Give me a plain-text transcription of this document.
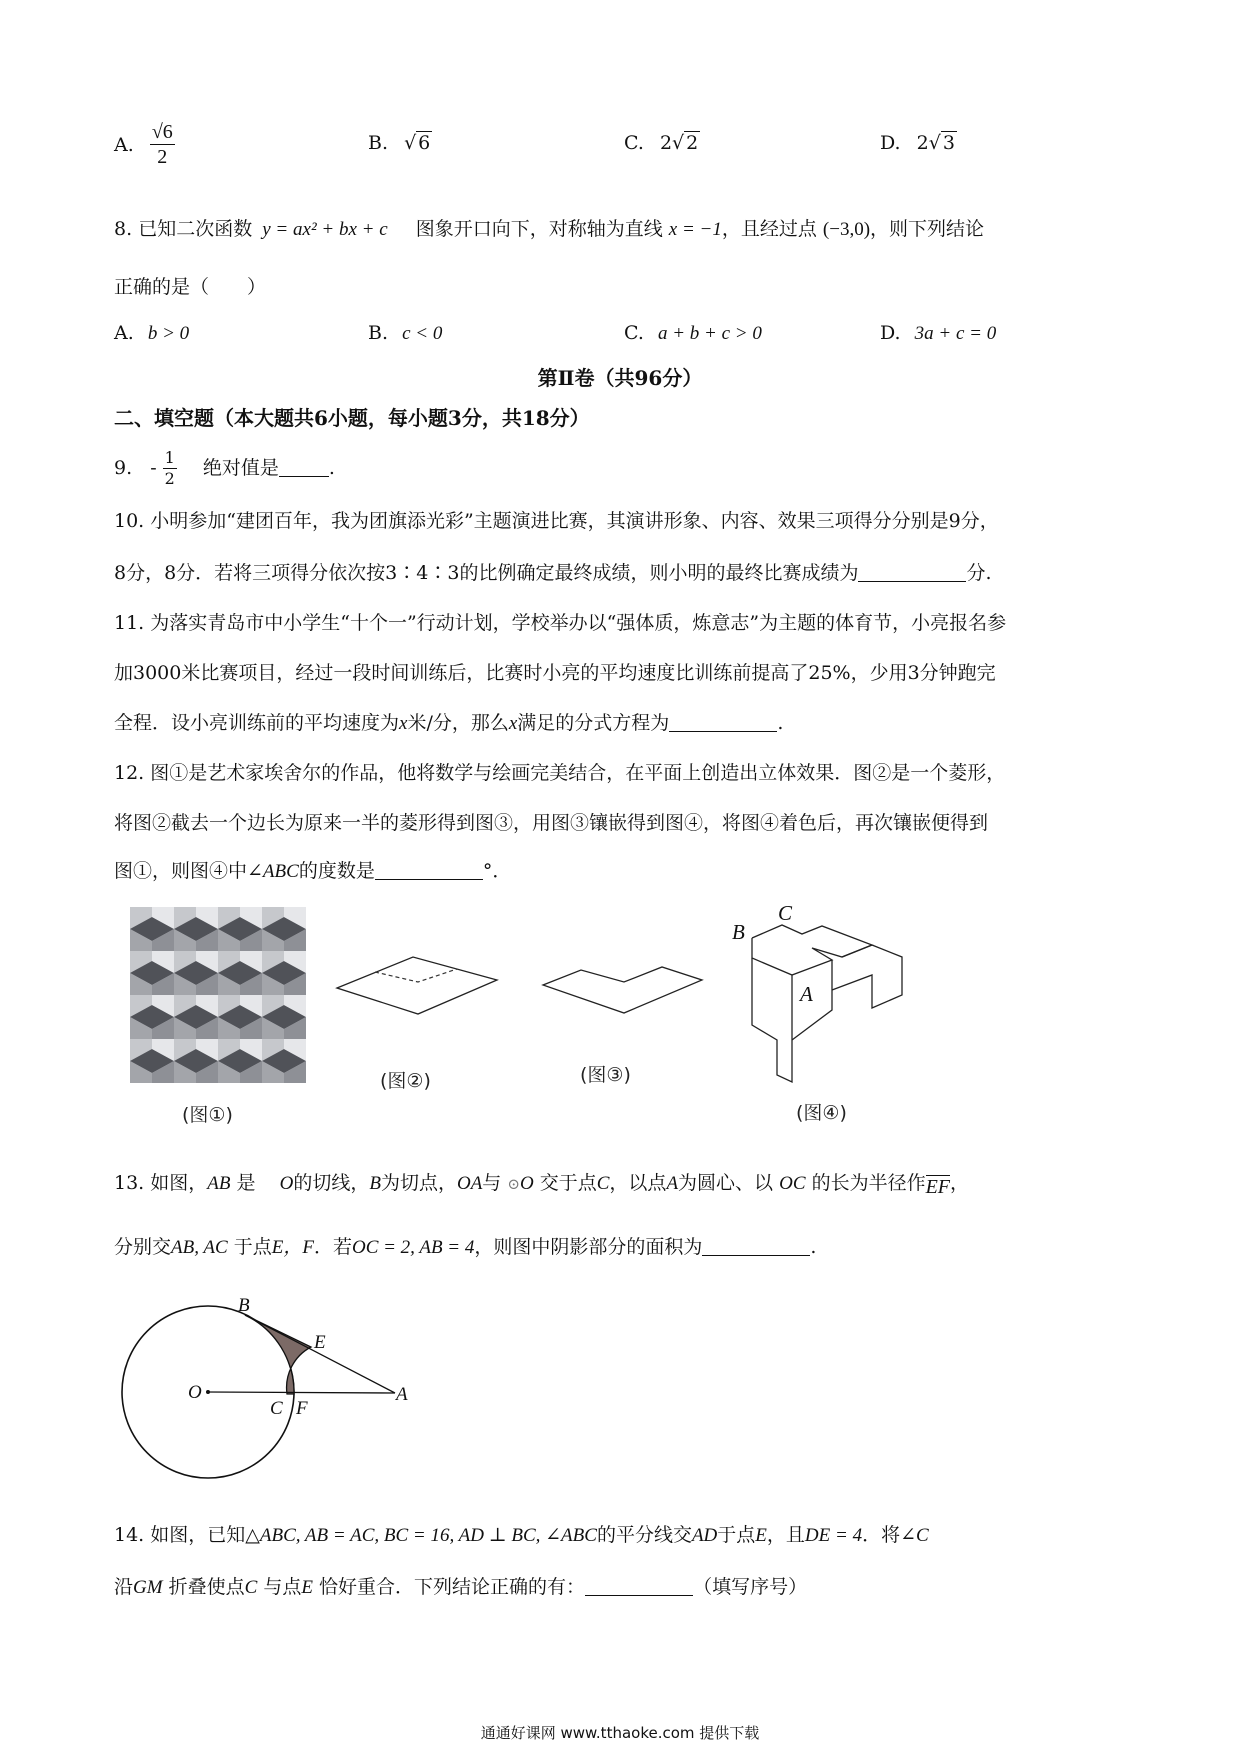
A. $\frac{√6}{2}$	B. √ 6	C. 2√ 2	D. 2√ 3
8. 已知二次函数 y = ax² + bx + c 图象开口向下，对称轴为直线 x = −1，且经过点 (−3,0)，则下列结论
正确的是（　　）
A. b > 0	B. c < 0	C. a + b + c > 0	D. 3a + c = 0
第Ⅱ卷（共96分）
二、填空题（本大题共6小题，每小题3分，共18分）
9. - $\frac{1}{2}$ 绝对值是	.
10. 小明参加“建团百年，我为团旗添光彩”主题演进比赛，其演讲形象、内容、效果三项得分分别是9分，
8分，8分．若将三项得分依次按3∶4∶3的比例确定最终成绩，则小明的最终比赛成绩为	分.
11. 为落实青岛市中小学生“十个一”行动计划，学校举办以“强体质，炼意志”为主题的体育节，小亮报名参
加3000米比赛项目，经过一段时间训练后，比赛时小亮的平均速度比训练前提高了25%，少用3分钟跑完
全程．设小亮训练前的平均速度为x米/分，那么x满足的分式方程为	.
12. 图①是艺术家埃舍尔的作品，他将数学与绘画完美结合，在平面上创造出立体效果．图②是一个菱形，
将图②截去一个边长为原来一半的菱形得到图③，用图③镶嵌得到图④，将图④着色后，再次镶嵌便得到
图①，则图④中∠ABC的度数是	°．
(图①)
(图②)	(图③)
B
C
A
(图④)
13. 如图，AB 是 O的切线，B为切点，OA与 ⊙O 交于点C，以点A为圆心、以 OC 的长为半径作EF，
分别交AB, AC 于点E，F．若OC = 2, AB = 4，则图中阴影部分的面积为	.
B
E
O
C F
A
14. 如图，已知△ABC, AB = AC, BC = 16, AD ⊥ BC, ∠ABC的平分线交AD于点E，且DE = 4．将∠C
沿GM 折叠使点C 与点E 恰好重合．下列结论正确的有：	（填写序号）
通通好课网 www.tthaoke.com 提供下载
